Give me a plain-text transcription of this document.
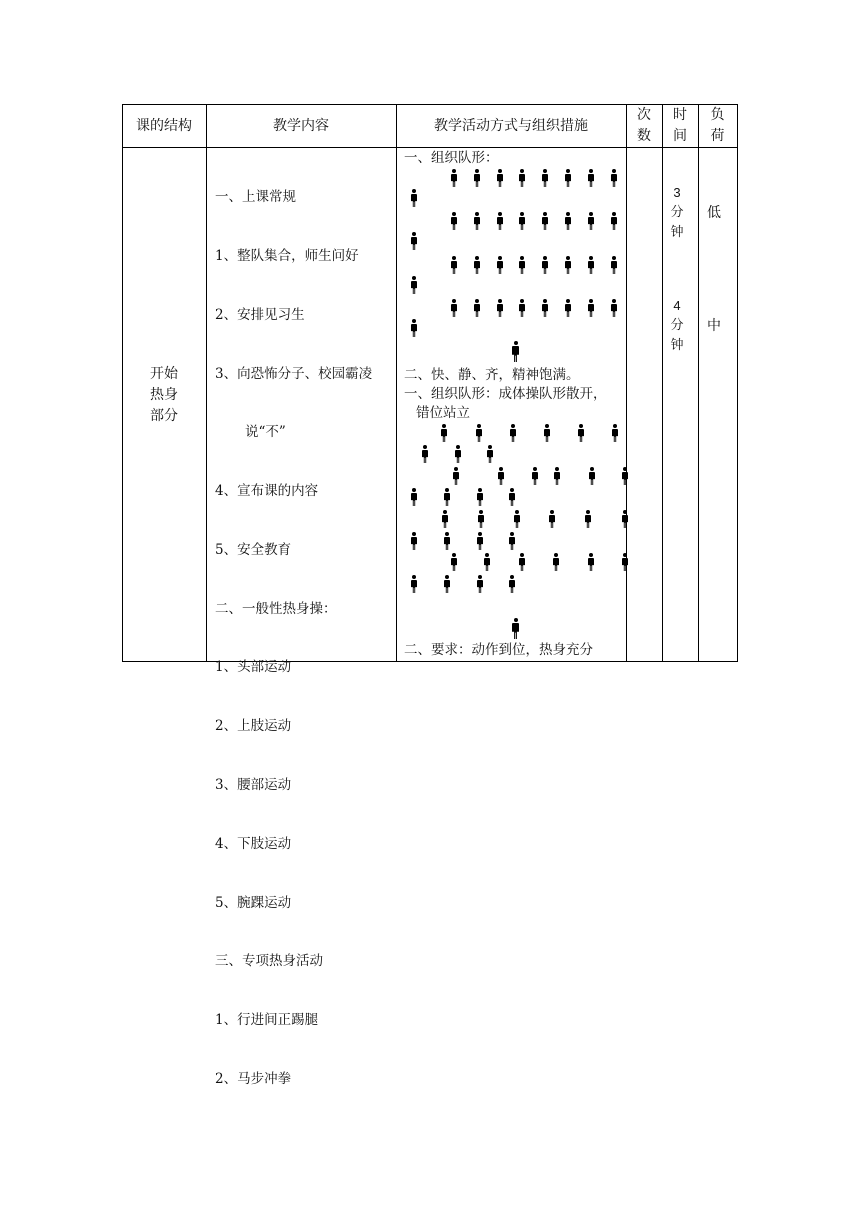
课的结构	教学内容	教学活动方式与组织措施
次
数
时
间
负
荷
开始
热身
部分

一、上课常规

1、整队集合，师生问好

2、安排见习生

3、向恐怖分子、校园霸凌

说“不”

4、宣布课的内容

5、安全教育

二、一般性热身操：

1、头部运动

2、上肢运动

3、腰部运动

4、下肢运动

5、腕踝运动

三、专项热身活动

1、行进间正踢腿

2、马步冲拳

一、组织队形：
二、快、静、齐，精神饱满。
一、组织队形：成体操队形散开，
错位站立
二、要求：动作到位，热身充分
3
分
钟
4
分
钟
低
中
